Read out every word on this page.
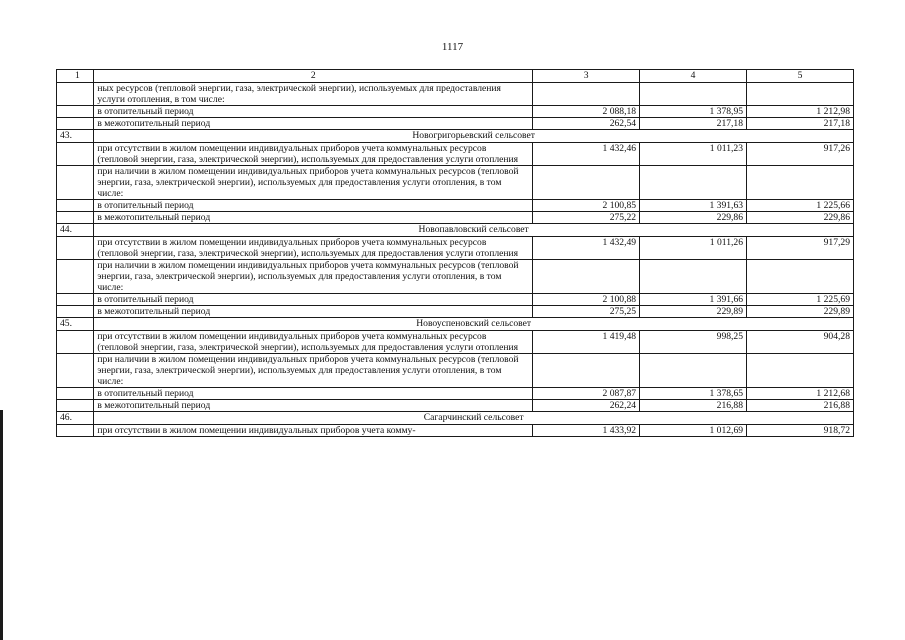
1117
1	2	3	4	5
	ных ресурсов (тепловой энергии, газа, электрической энергии), используемых для предоставления услуги отопления, в том числе:			
	в отопительный период	2 088,18	1 378,95	1 212,98
	в межотопительный период	262,54	217,18	217,18
43.	Новогригорьевский сельсовет			
	при отсутствии в жилом помещении индивидуальных приборов учета коммунальных ресурсов (тепловой энергии, газа, электрической энергии), используемых для предоставления услуги отопления	1 432,46	1 011,23	917,26
	при наличии в жилом помещении индивидуальных приборов учета коммунальных ресурсов (тепловой энергии, газа, электрической энергии), используемых для предоставления услуги отопления, в том числе:			
	в отопительный период	2 100,85	1 391,63	1 225,66
	в межотопительный период	275,22	229,86	229,86
44.	Новопавловский сельсовет			
	при отсутствии в жилом помещении индивидуальных приборов учета коммунальных ресурсов (тепловой энергии, газа, электрической энергии), используемых для предоставления услуги отопления	1 432,49	1 011,26	917,29
	при наличии в жилом помещении индивидуальных приборов учета коммунальных ресурсов (тепловой энергии, газа, электрической энергии), используемых для предоставления услуги отопления, в том числе:			
	в отопительный период	2 100,88	1 391,66	1 225,69
	в межотопительный период	275,25	229,89	229,89
45.	Новоуспеновский сельсовет			
	при отсутствии в жилом помещении индивидуальных приборов учета коммунальных ресурсов (тепловой энергии, газа, электрической энергии), используемых для предоставления услуги отопления	1 419,48	998,25	904,28
	при наличии в жилом помещении индивидуальных приборов учета коммунальных ресурсов (тепловой энергии, газа, электрической энергии), используемых для предоставления услуги отопления, в том числе:			
	в отопительный период	2 087,87	1 378,65	1 212,68
	в межотопительный период	262,24	216,88	216,88
46.	Сагарчинский сельсовет			
	при отсутствии в жилом помещении индивидуальных приборов учета комму-	1 433,92	1 012,69	918,72
